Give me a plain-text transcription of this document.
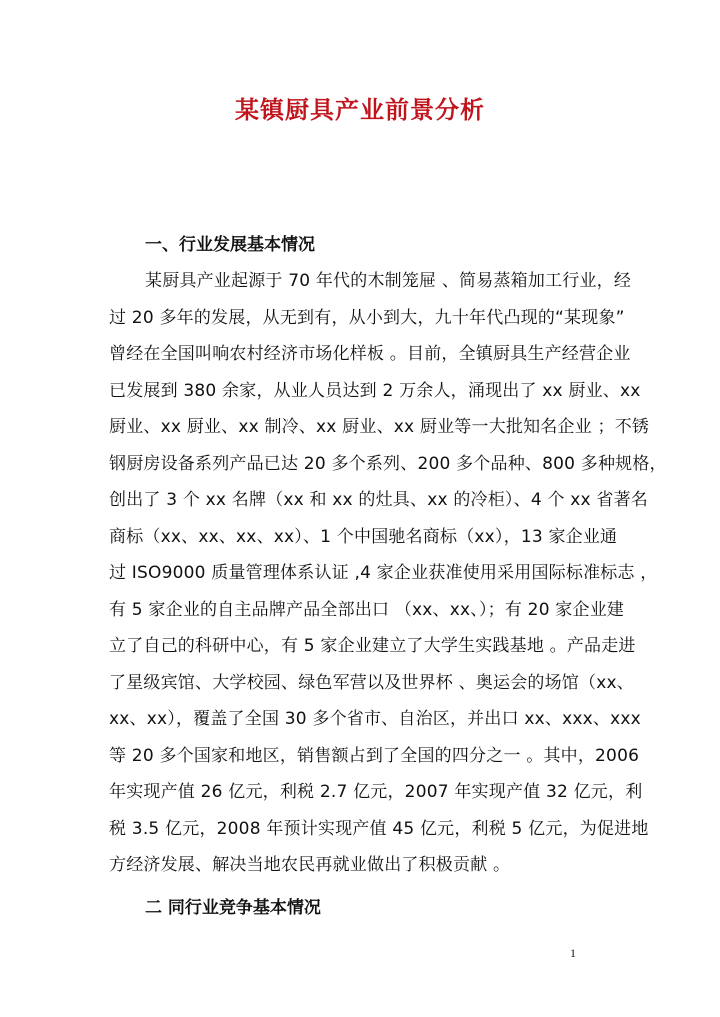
某镇厨具产业前景分析
一、行业发展基本情况
某厨具产业起源于 70 年代的木制笼屉 、简易蒸箱加工行业，经
过 20 多年的发展，从无到有，从小到大，九十年代凸现的“某现象”
曾经在全国叫响农村经济市场化样板 。目前，全镇厨具生产经营企业
已发展到 380 余家，从业人员达到 2 万余人，涌现出了 xx 厨业、xx
厨业、xx 厨业、xx 制冷、xx 厨业、xx 厨业等一大批知名企业 ；不锈
钢厨房设备系列产品已达 20 多个系列、200 多个品种、800 多种规格，
创出了 3 个 xx 名牌（xx 和 xx 的灶具、xx 的冷柜）、4 个 xx 省著名
商标（xx、xx、xx、xx）、1 个中国驰名商标（xx），13 家企业通
过 ISO9000 质量管理体系认证 ,4 家企业获准使用采用国际标准标志 ，
有 5 家企业的自主品牌产品全部出口 （xx、xx、）；有 20 家企业建
立了自己的科研中心，有 5 家企业建立了大学生实践基地 。产品走进
了星级宾馆、大学校园、绿色军营以及世界杯 、奥运会的场馆（xx、
xx、xx），覆盖了全国 30 多个省市、自治区，并出口 xx、xxx、xxx
等 20 多个国家和地区，销售额占到了全国的四分之一 。其中，2006
年实现产值 26 亿元，利税 2.7 亿元，2007 年实现产值 32 亿元，利
税 3.5 亿元，2008 年预计实现产值 45 亿元，利税 5 亿元，为促进地
方经济发展、解决当地农民再就业做出了积极贡献 。
二 同行业竞争基本情况
1
